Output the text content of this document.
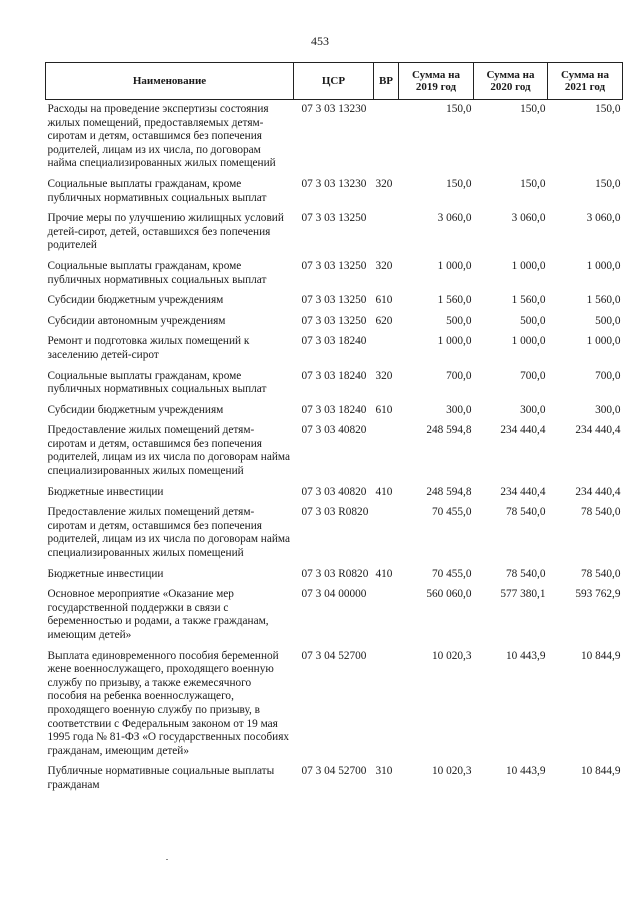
453
Наименование	ЦСР	ВР	Сумма на 2019 год	Сумма на 2020 год	Сумма на 2021 год
Расходы на проведение экспертизы состояния жилых помещений, предоставляемых детям-сиротам и детям, оставшимся без попечения родителей, лицам из их числа, по договорам найма специализированных жилых помещений	07 3 03 13230		150,0	150,0	150,0
Социальные выплаты гражданам, кроме публичных нормативных социальных выплат	07 3 03 13230	320	150,0	150,0	150,0
Прочие меры по улучшению жилищных условий детей-сирот, детей, оставшихся без попечения родителей	07 3 03 13250		3 060,0	3 060,0	3 060,0
Социальные выплаты гражданам, кроме публичных нормативных социальных выплат	07 3 03 13250	320	1 000,0	1 000,0	1 000,0
Субсидии бюджетным учреждениям	07 3 03 13250	610	1 560,0	1 560,0	1 560,0
Субсидии автономным учреждениям	07 3 03 13250	620	500,0	500,0	500,0
Ремонт и подготовка жилых помещений к заселению детей-сирот	07 3 03 18240		1 000,0	1 000,0	1 000,0
Социальные выплаты гражданам, кроме публичных нормативных социальных выплат	07 3 03 18240	320	700,0	700,0	700,0
Субсидии бюджетным учреждениям	07 3 03 18240	610	300,0	300,0	300,0
Предоставление жилых помещений детям-сиротам и детям, оставшимся без попечения родителей, лицам из их числа по договорам найма специализированных жилых помещений	07 3 03 40820		248 594,8	234 440,4	234 440,4
Бюджетные инвестиции	07 3 03 40820	410	248 594,8	234 440,4	234 440,4
Предоставление жилых помещений детям-сиротам и детям, оставшимся без попечения родителей, лицам из их числа по договорам найма специализированных жилых помещений	07 3 03 R0820		70 455,0	78 540,0	78 540,0
Бюджетные инвестиции	07 3 03 R0820	410	70 455,0	78 540,0	78 540,0
Основное мероприятие «Оказание мер государственной поддержки в связи с беременностью и родами, а также гражданам, имеющим детей»	07 3 04 00000		560 060,0	577 380,1	593 762,9
Выплата единовременного пособия беременной жене военнослужащего, проходящего военную службу по призыву, а также ежемесячного пособия на ребенка военнослужащего, проходящего военную службу по призыву, в соответствии с Федеральным законом от 19 мая 1995 года № 81-ФЗ «О государственных пособиях гражданам, имеющим детей»	07 3 04 52700		10 020,3	10 443,9	10 844,9
Публичные нормативные социальные выплаты гражданам	07 3 04 52700	310	10 020,3	10 443,9	10 844,9
